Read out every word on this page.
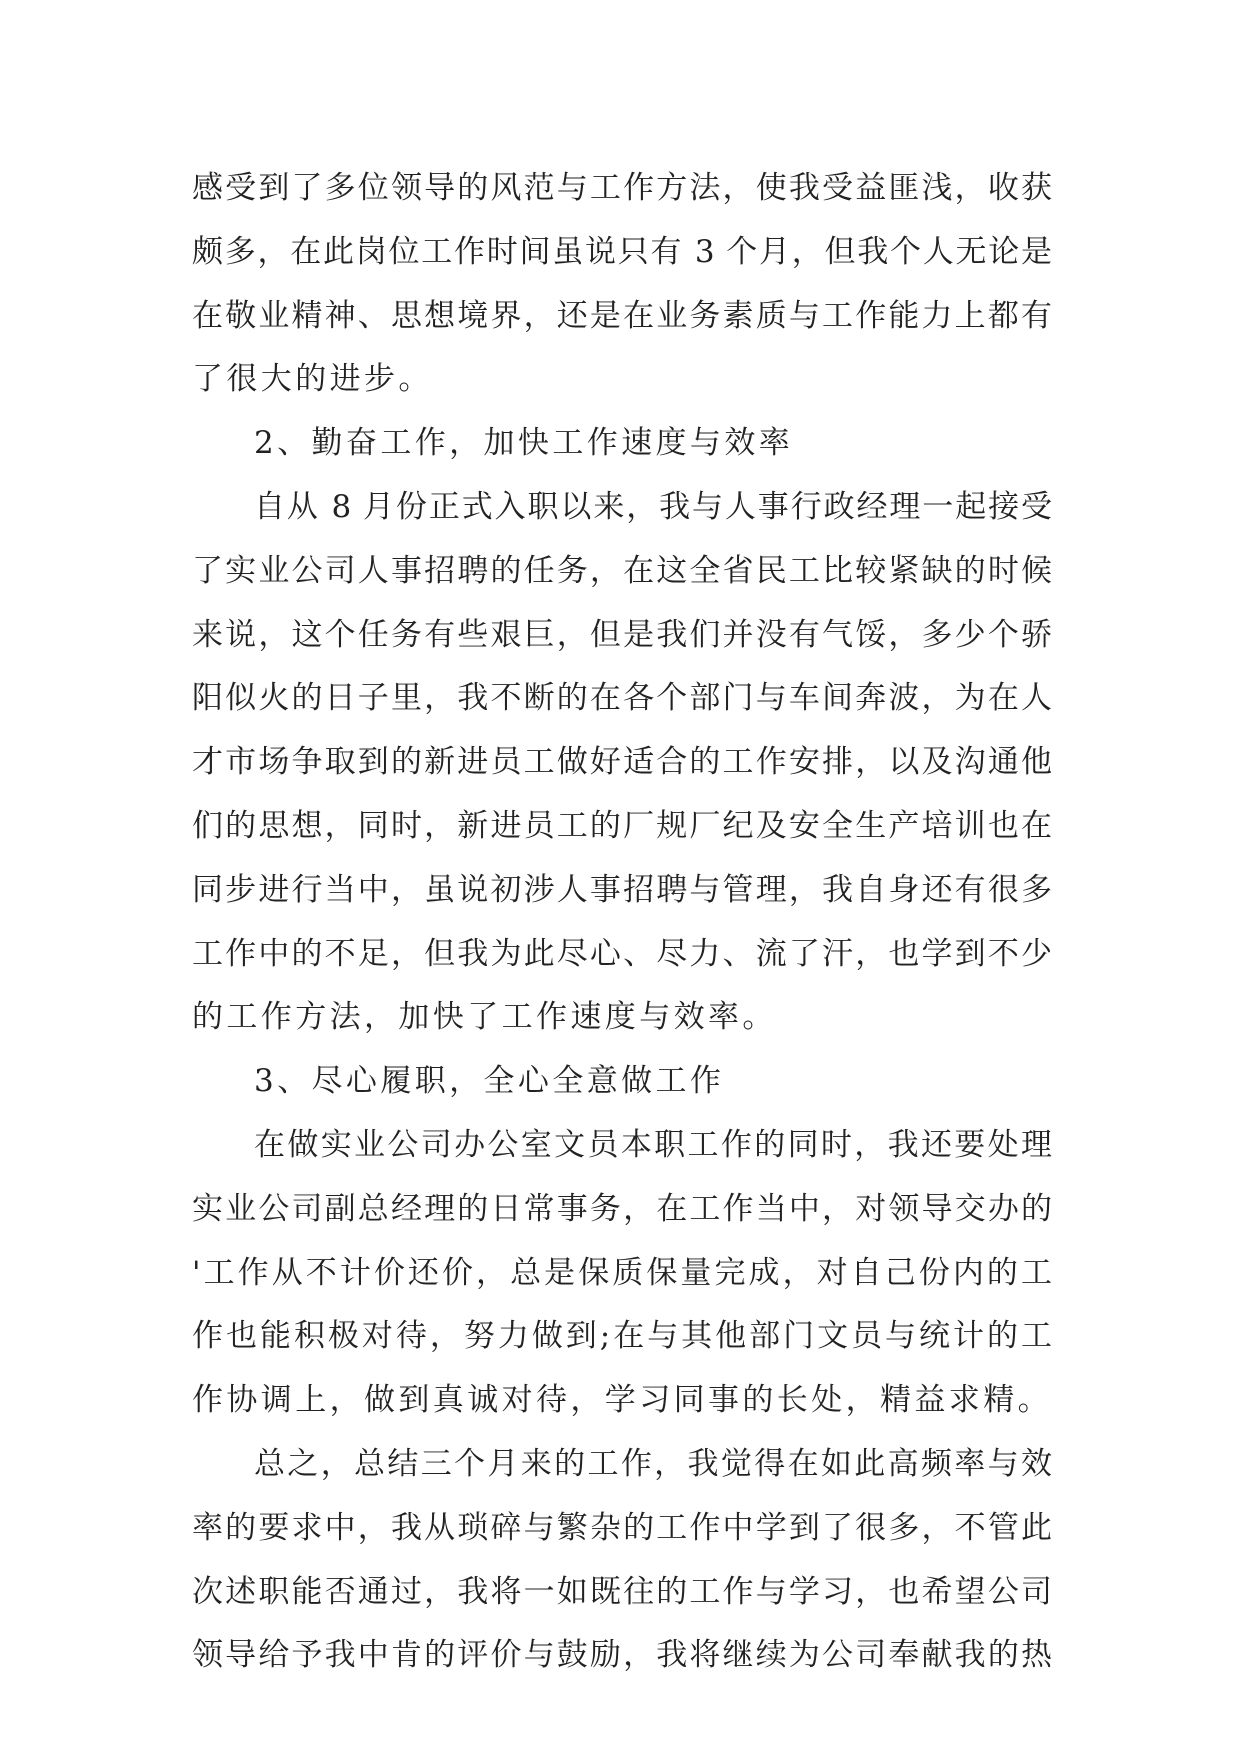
感受到了多位领导的风范与工作方法，使我受益匪浅，收获
颇多，在此岗位工作时间虽说只有 3 个月，但我个人无论是
在敬业精神、思想境界，还是在业务素质与工作能力上都有
了很大的进步。
2、勤奋工作，加快工作速度与效率
自从 8 月份正式入职以来，我与人事行政经理一起接受
了实业公司人事招聘的任务，在这全省民工比较紧缺的时候
来说，这个任务有些艰巨，但是我们并没有气馁，多少个骄
阳似火的日子里，我不断的在各个部门与车间奔波，为在人
才市场争取到的新进员工做好适合的工作安排，以及沟通他
们的思想，同时，新进员工的厂规厂纪及安全生产培训也在
同步进行当中，虽说初涉人事招聘与管理，我自身还有很多
工作中的不足，但我为此尽心、尽力、流了汗，也学到不少
的工作方法，加快了工作速度与效率。
3、尽心履职，全心全意做工作
在做实业公司办公室文员本职工作的同时，我还要处理
实业公司副总经理的日常事务，在工作当中，对领导交办的
'工作从不计价还价，总是保质保量完成，对自己份内的工
作也能积极对待，努力做到;在与其他部门文员与统计的工
作协调上，做到真诚对待，学习同事的长处，精益求精。
总之，总结三个月来的工作，我觉得在如此高频率与效
率的要求中，我从琐碎与繁杂的工作中学到了很多，不管此
次述职能否通过，我将一如既往的工作与学习，也希望公司
领导给予我中肯的评价与鼓励，我将继续为公司奉献我的热
